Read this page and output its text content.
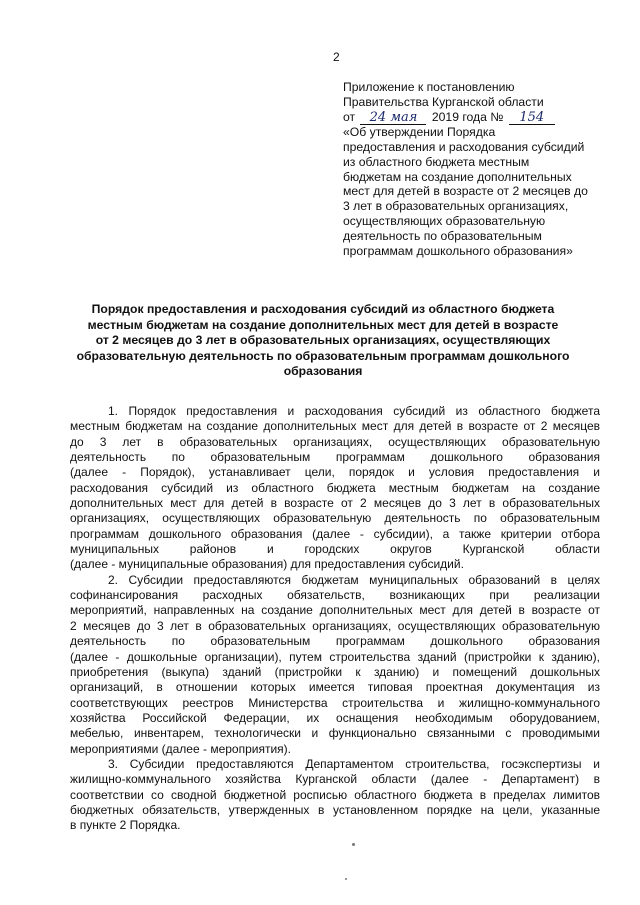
2
Приложение к постановлению
Правительства Курганской области
от 24 мая 2019 года № 154
«Об утверждении Порядка
предоставления и расходования субсидий
из областного бюджета местным
бюджетам на создание дополнительных
мест для детей в возрасте от 2 месяцев до
3 лет в образовательных организациях,
осуществляющих образовательную
деятельность по образовательным
программам дошкольного образования»
Порядок предоставления и расходования субсидий из областного бюджета
местным бюджетам на создание дополнительных мест для детей в возрасте
от 2 месяцев до 3 лет в образовательных организациях, осуществляющих
образовательную деятельность по образовательным программам дошкольного
образования
1. Порядок предоставления и расходования субсидий из областного бюджета
местным бюджетам на создание дополнительных мест для детей в возрасте от 2 месяцев
до 3 лет в образовательных организациях, осуществляющих образовательную
деятельность по образовательным программам дошкольного образования
(далее - Порядок), устанавливает цели, порядок и условия предоставления и
расходования субсидий из областного бюджета местным бюджетам на создание
дополнительных мест для детей в возрасте от 2 месяцев до 3 лет в образовательных
организациях, осуществляющих образовательную деятельность по образовательным
программам дошкольного образования (далее - субсидии), а также критерии отбора
муниципальных районов и городских округов Курганской области
(далее - муниципальные образования) для предоставления субсидий.
2. Субсидии предоставляются бюджетам муниципальных образований в целях
софинансирования расходных обязательств, возникающих при реализации
мероприятий, направленных на создание дополнительных мест для детей в возрасте от
2 месяцев до 3 лет в образовательных организациях, осуществляющих образовательную
деятельность по образовательным программам дошкольного образования
(далее - дошкольные организации), путем строительства зданий (пристройки к зданию),
приобретения (выкупа) зданий (пристройки к зданию) и помещений дошкольных
организаций, в отношении которых имеется типовая проектная документация из
соответствующих реестров Министерства строительства и жилищно-коммунального
хозяйства Российской Федерации, их оснащения необходимым оборудованием,
мебелью, инвентарем, технологически и функционально связанными с проводимыми
мероприятиями (далее - мероприятия).
3. Субсидии предоставляются Департаментом строительства, госэкспертизы и
жилищно-коммунального хозяйства Курганской области (далее - Департамент) в
соответствии со сводной бюджетной росписью областного бюджета в пределах лимитов
бюджетных обязательств, утвержденных в установленном порядке на цели, указанные
в пункте 2 Порядка.
